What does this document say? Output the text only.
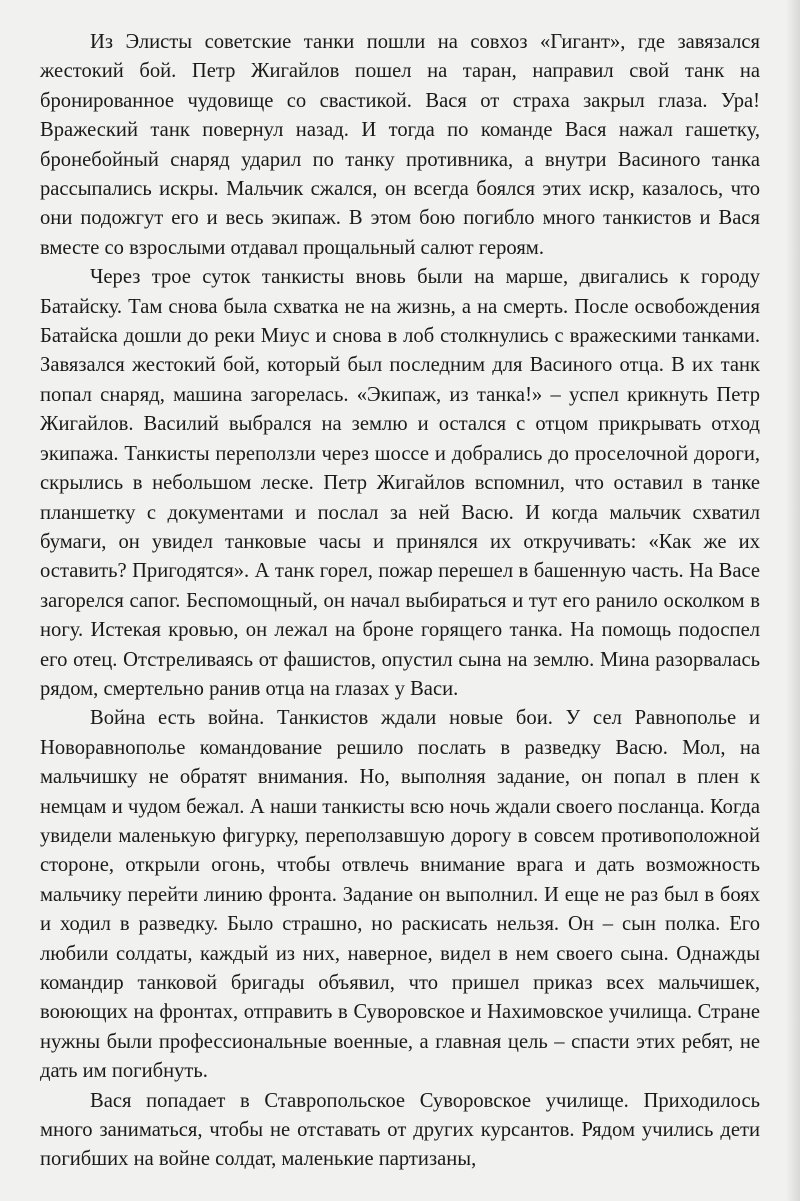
Из Элисты советские танки пошли на совхоз «Гигант», где завязался жестокий бой. Петр Жигайлов пошел на таран, направил свой танк на бронированное чудовище со свастикой. Вася от страха закрыл глаза. Ура! Вражеский танк повернул назад. И тогда по команде Вася нажал гашетку, бронебойный снаряд ударил по танку противника, а внутри Васиного танка рассыпались искры. Мальчик сжался, он всегда боялся этих искр, казалось, что они подожгут его и весь экипаж. В этом бою погибло много танкистов и Вася вместе со взрослыми отдавал прощальный салют героям.

Через трое суток танкисты вновь были на марше, двигались к городу Батайску. Там снова была схватка не на жизнь, а на смерть. После освобождения Батайска дошли до реки Миус и снова в лоб столкнулись с вражескими танками. Завязался жестокий бой, который был последним для Васиного отца. В их танк попал снаряд, машина загорелась. «Экипаж, из танка!» – успел крикнуть Петр Жигайлов. Василий выбрался на землю и остался с отцом прикрывать отход экипажа. Танкисты переползли через шоссе и добрались до проселочной дороги, скрылись в небольшом леске. Петр Жигайлов вспомнил, что оставил в танке планшетку с документами и послал за ней Васю. И когда мальчик схватил бумаги, он увидел танковые часы и принялся их откручивать: «Как же их оставить? Пригодятся». А танк горел, пожар перешел в башенную часть. На Васе загорелся сапог. Беспомощный, он начал выбираться и тут его ранило осколком в ногу. Истекая кровью, он лежал на броне горящего танка. На помощь подоспел его отец. Отстреливаясь от фашистов, опустил сына на землю. Мина разорвалась рядом, смертельно ранив отца на глазах у Васи.

Война есть война. Танкистов ждали новые бои. У сел Равнополье и Новоравнополье командование решило послать в разведку Васю. Мол, на мальчишку не обратят внимания. Но, выполняя задание, он попал в плен к немцам и чудом бежал. А наши танкисты всю ночь ждали своего посланца. Когда увидели маленькую фигурку, переползавшую дорогу в совсем противоположной стороне, открыли огонь, чтобы отвлечь внимание врага и дать возможность мальчику перейти линию фронта. Задание он выполнил. И еще не раз был в боях и ходил в разведку. Было страшно, но раскисать нельзя. Он – сын полка. Его любили солдаты, каждый из них, наверное, видел в нем своего сына. Однажды командир танковой бригады объявил, что пришел приказ всех мальчишек, воюющих на фронтах, отправить в Суворовское и Нахимовское училища. Стране нужны были профессиональные военные, а главная цель – спасти этих ребят, не дать им погибнуть.

Вася попадает в Ставропольское Суворовское училище. Приходилось много заниматься, чтобы не отставать от других курсантов. Рядом учились дети погибших на войне солдат, маленькие партизаны,
